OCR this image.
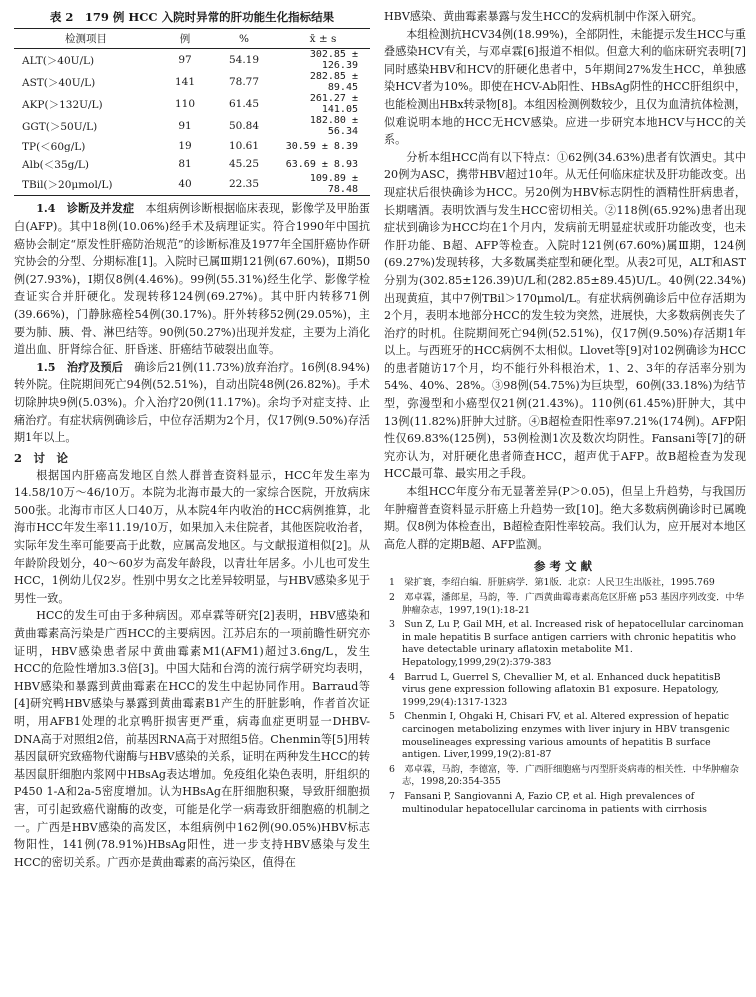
表 2　179 例 HCC 入院时异常的肝功能生化指标结果
检测项目	例	%	x̄ ± s
ALT(＞40U/L)	97	54.19	302.85 ± 126.39
AST(＞40U/L)	141	78.77	282.85 ± 89.45
AKP(＞132U/L)	110	61.45	261.27 ± 141.05
GGT(＞50U/L)	91	50.84	182.80 ± 56.34
TP(＜60g/L)	19	10.61	30.59 ± 8.39
Alb(＜35g/L)	81	45.25	63.69 ± 8.93
TBil(＞20μmol/L)	40	22.35	109.89 ± 78.48

1.4　诊断及并发症　 本组病例诊断根据临床表现，影像学及甲胎蛋白(AFP)。其中18例(10.06%)经手术及病理证实。符合1990年中国抗癌协会制定“原发性肝癌防治规范”的诊断标准及1977年全国肝癌协作研究协会的分型、分期标准[1]。入院时已属Ⅲ期121例(67.60%)，Ⅱ期50例(27.93%)，Ⅰ期仅8例(4.46%)。99例(55.31%)经生化学、影像学检查证实合并肝硬化。发现转移124例(69.27%)。其中肝内转移71例(39.66%)，门静脉癌栓54例(30.17%)。肝外转移52例(29.05%)，主要为肺、胰、骨、淋巴结等。90例(50.27%)出现并发症，主要为上消化道出血、肝肾综合征、肝昏迷、肝癌结节破裂出血等。

1.5　治疗及预后　 确诊后21例(11.73%)放弃治疗。16例(8.94%)转外院。住院期间死亡94例(52.51%)，自动出院48例(26.82%)。手术切除肿块9例(5.03%)。介入治疗20例(11.17%)。余均予对症支持、止痛治疗。有症状病例确诊后，中位存活期为2个月，仅17例(9.50%)存活期1年以上。

2　讨　论

根据国内肝癌高发地区自然人群普查资料显示，HCC年发生率为14.58/10万～46/10万。本院为北海市最大的一家综合医院，开放病床500张。北海市市区人口40万，从本院4年内收治的HCC病例推算，北海市HCC年发生率11.19/10万，如果加入未住院者，其他医院收治者，实际年发生率可能要高于此数，应属高发地区。与文献报道相似[2]。从年龄阶段划分，40～60岁为高发年龄段，以青壮年居多。小儿也可发生HCC，1例幼儿仅2岁。性别中男女之比差异较明显，与HBV感染多见于男性一致。

HCC的发生可由于多种病因。邓卓霖等研究[2]表明，HBV感染和黄曲霉素高污染是广西HCC的主要病因。江苏启东的一项前瞻性研究亦证明，HBV感染患者尿中黄曲霉素M1(AFM1)超过3.6ng/L，发生HCC的危险性增加3.3倍[3]。中国大陆和台湾的流行病学研究均表明，HBV感染和暴露到黄曲霉素在HCC的发生中起协同作用。Barraud等[4]研究鸭HBV感染与暴露到黄曲霉素B1产生的肝脏影响，作者首次证明，用AFB1处理的北京鸭肝损害更严重，病毒血症更明显一DHBV-DNA高于对照组2倍，前基因RNA高于对照组5倍。Chenmin等[5]用转基因鼠研究致癌物代谢酶与HBV感染的关系，证明在两种发生HCC的转基因鼠肝细胞内浆网中HBsAg表达增加。免疫组化染色表明，肝组织的P450 1-A和2a-5密度增加。认为HBsAg在肝细胞积聚，导致肝细胞损害，可引起致癌代谢酶的改变，可能是化学一病毒致肝细胞癌的机制之一。广西是HBV感染的高发区，本组病例中162例(90.05%)HBV标志物阳性，141例(78.91%)HBsAg阳性，进一步支持HBV感染与发生HCC的密切关系。广西亦是黄曲霉素的高污染区，值得在

HBV感染、黄曲霉素暴露与发生HCC的发病机制中作深入研究。

本组检测抗HCV34例(18.99%)，全部阴性，未能提示发生HCC与重叠感染HCV有关，与邓卓霖[6]报道不相似。但意大利的临床研究表明[7]同时感染HBV和HCV的肝硬化患者中，5年期间27%发生HCC，单独感染HCV者为10%。即使在HCV-Ab阳性、HBsAg阴性的HCC肝组织中，也能检测出HBx转录物[8]。本组因检测例数较少，且仅为血清抗体检测，似难说明本地的HCC无HCV感染。应进一步研究本地HCV与HCC的关系。

分析本组HCC尚有以下特点：①62例(34.63%)患者有饮酒史。其中20例为ASC，携带HBV超过10年。从无任何临床症状及肝功能改变。出现症状后很快确诊为HCC。另20例为HBV标志阴性的酒精性肝病患者，长期嗜酒。表明饮酒与发生HCC密切相关。②118例(65.92%)患者出现症状到确诊为HCC均在1个月内，发病前无明显症状或肝功能改变，也未作肝功能、B超、AFP等检查。入院时121例(67.60%)属Ⅲ期，124例(69.27%)发现转移，大多数属类症型和硬化型。从表2可见，ALT和AST分别为(302.85±126.39)U/L和(282.85±89.45)U/L。40例(22.34%)出现黄疸，其中7例TBil＞170μmol/L。有症状病例确诊后中位存活期为2个月，表明本地部分HCC的发生较为突然，进展快，大多数病例丧失了治疗的时机。住院期间死亡94例(52.51%)，仅17例(9.50%)存活期1年以上。与西班牙的HCC病例不太相似。Llovet等[9]对102例确诊为HCC的患者随访17个月，均不能行外科根治术，1、2、3年的存活率分别为54%、40%、28%。③98例(54.75%)为巨块型，60例(33.18%)为结节型，弥漫型和小癌型仅21例(21.43%)。110例(61.45%)肝肿大，其中13例(11.82%)肝肿大过脐。④B超检查阳性率97.21%(174例)。AFP阳性仅69.83%(125例)，53例检测1次及数次均阴性。Fansani等[7]的研究亦认为，对肝硬化患者筛查HCC，超声优于AFP。故B超检查为发现HCC最可靠、最实用之手段。

本组HCC年度分布无显著差异(P＞0.05)，但呈上升趋势，与我国历年肿瘤普查资料显示肝癌上升趋势一致[10]。绝大多数病例确诊时已属晚期。仅8例为体检查出，B超检查阳性率较高。我们认为，应开展对本地区高危人群的定期B超、AFP监测。

参考文献

1　梁扩寰，李绍白编．肝脏病学．第1版．北京：人民卫生出版社，1995.769

2　邓卓霖，潘郎星，马韵，等．广西黄曲霉毒素高危区肝癌 p53 基因序列改变．中华肿瘤杂志，1997,19(1):18-21

3　Sun Z, Lu P, Gail MH, et al. Increased risk of hepatocellular carcinoman in male hepatitis B surface antigen carriers with chronic hepatitis who have detectable urinary aflatoxin metabolite M1. Hepatology,1999,29(2):379-383

4　Barrud L, Guerrel S, Chevallier M, et al. Enhanced duck hepatitisB virus gene expression following aflatoxin B1 exposure. Hepatology, 1999,29(4):1317-1323

5　Chenmin I, Ohgaki H, Chisari FV, et al. Altered expression of hepatic carcinogen metabolizing enzymes with liver injury in HBV transgenic mouselineages expressing various amounts of hepatitis B surface antigen. Liver,1999,19(2):81-87

6　邓卓霖，马韵，李德富，等．广西肝细胞癌与丙型肝炎病毒的相关性．中华肿瘤杂志，1998,20:354-355

7　Fansani P, Sangiovanni A, Fazio CP, et al. High prevalences of multinodular hepatocellular carcinoma in patients with cirrhosis
